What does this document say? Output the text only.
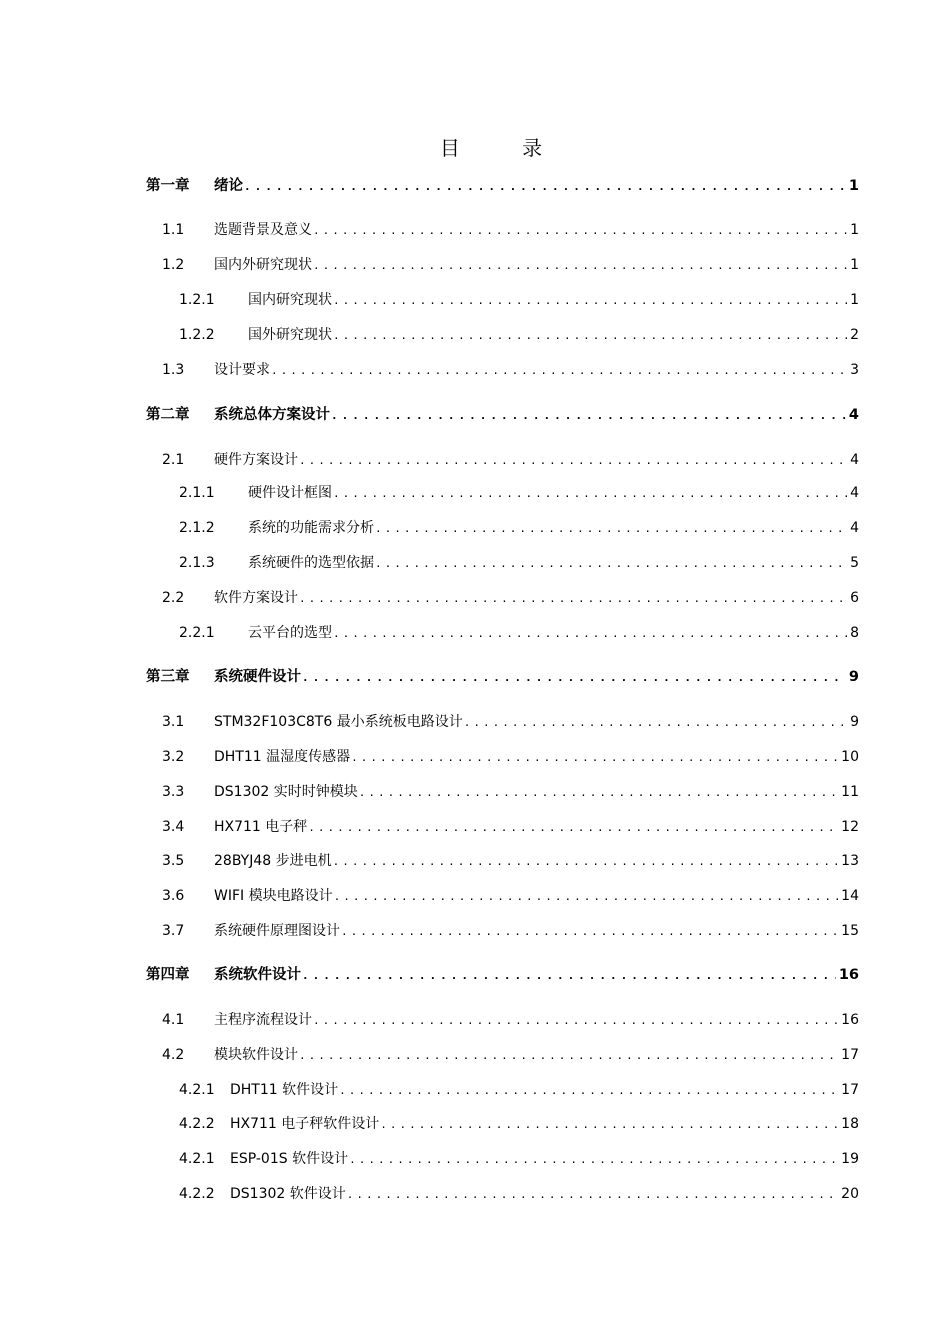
目 录
第一章	绪论 .....	1
1.1	选题背景及意义 .....	1
1.2	国内外研究现状 .....	1
1.2.1	国内研究现状 .....	1
1.2.2	国外研究现状 .....	2
1.3	设计要求 .....	3
第二章	系统总体方案设计 .....	4
2.1	硬件方案设计 .....	4
2.1.1	硬件设计框图 .....	4
2.1.2	系统的功能需求分析 .....	4
2.1.3	系统硬件的选型依据 .....	5
2.2	软件方案设计 .....	6
2.2.1	云平台的选型 .....	8
第三章	系统硬件设计 .....	9
3.1	STM32F103C8T6 最小系统板电路设计 .....	9
3.2	DHT11 温湿度传感器 .....	10
3.3	DS1302 实时时钟模块 .....	11
3.4	HX711 电子秤 .....	12
3.5	28BYJ48 步进电机 .....	13
3.6	WIFI 模块电路设计 .....	14
3.7	系统硬件原理图设计 .....	15
第四章	系统软件设计 .....	16
4.1	主程序流程设计 .....	16
4.2	模块软件设计 .....	17
4.2.1	DHT11 软件设计 .....	17
4.2.2	HX711 电子秤软件设计 .....	18
4.2.1	ESP-01S 软件设计 .....	19
4.2.2	DS1302 软件设计 .....	20
